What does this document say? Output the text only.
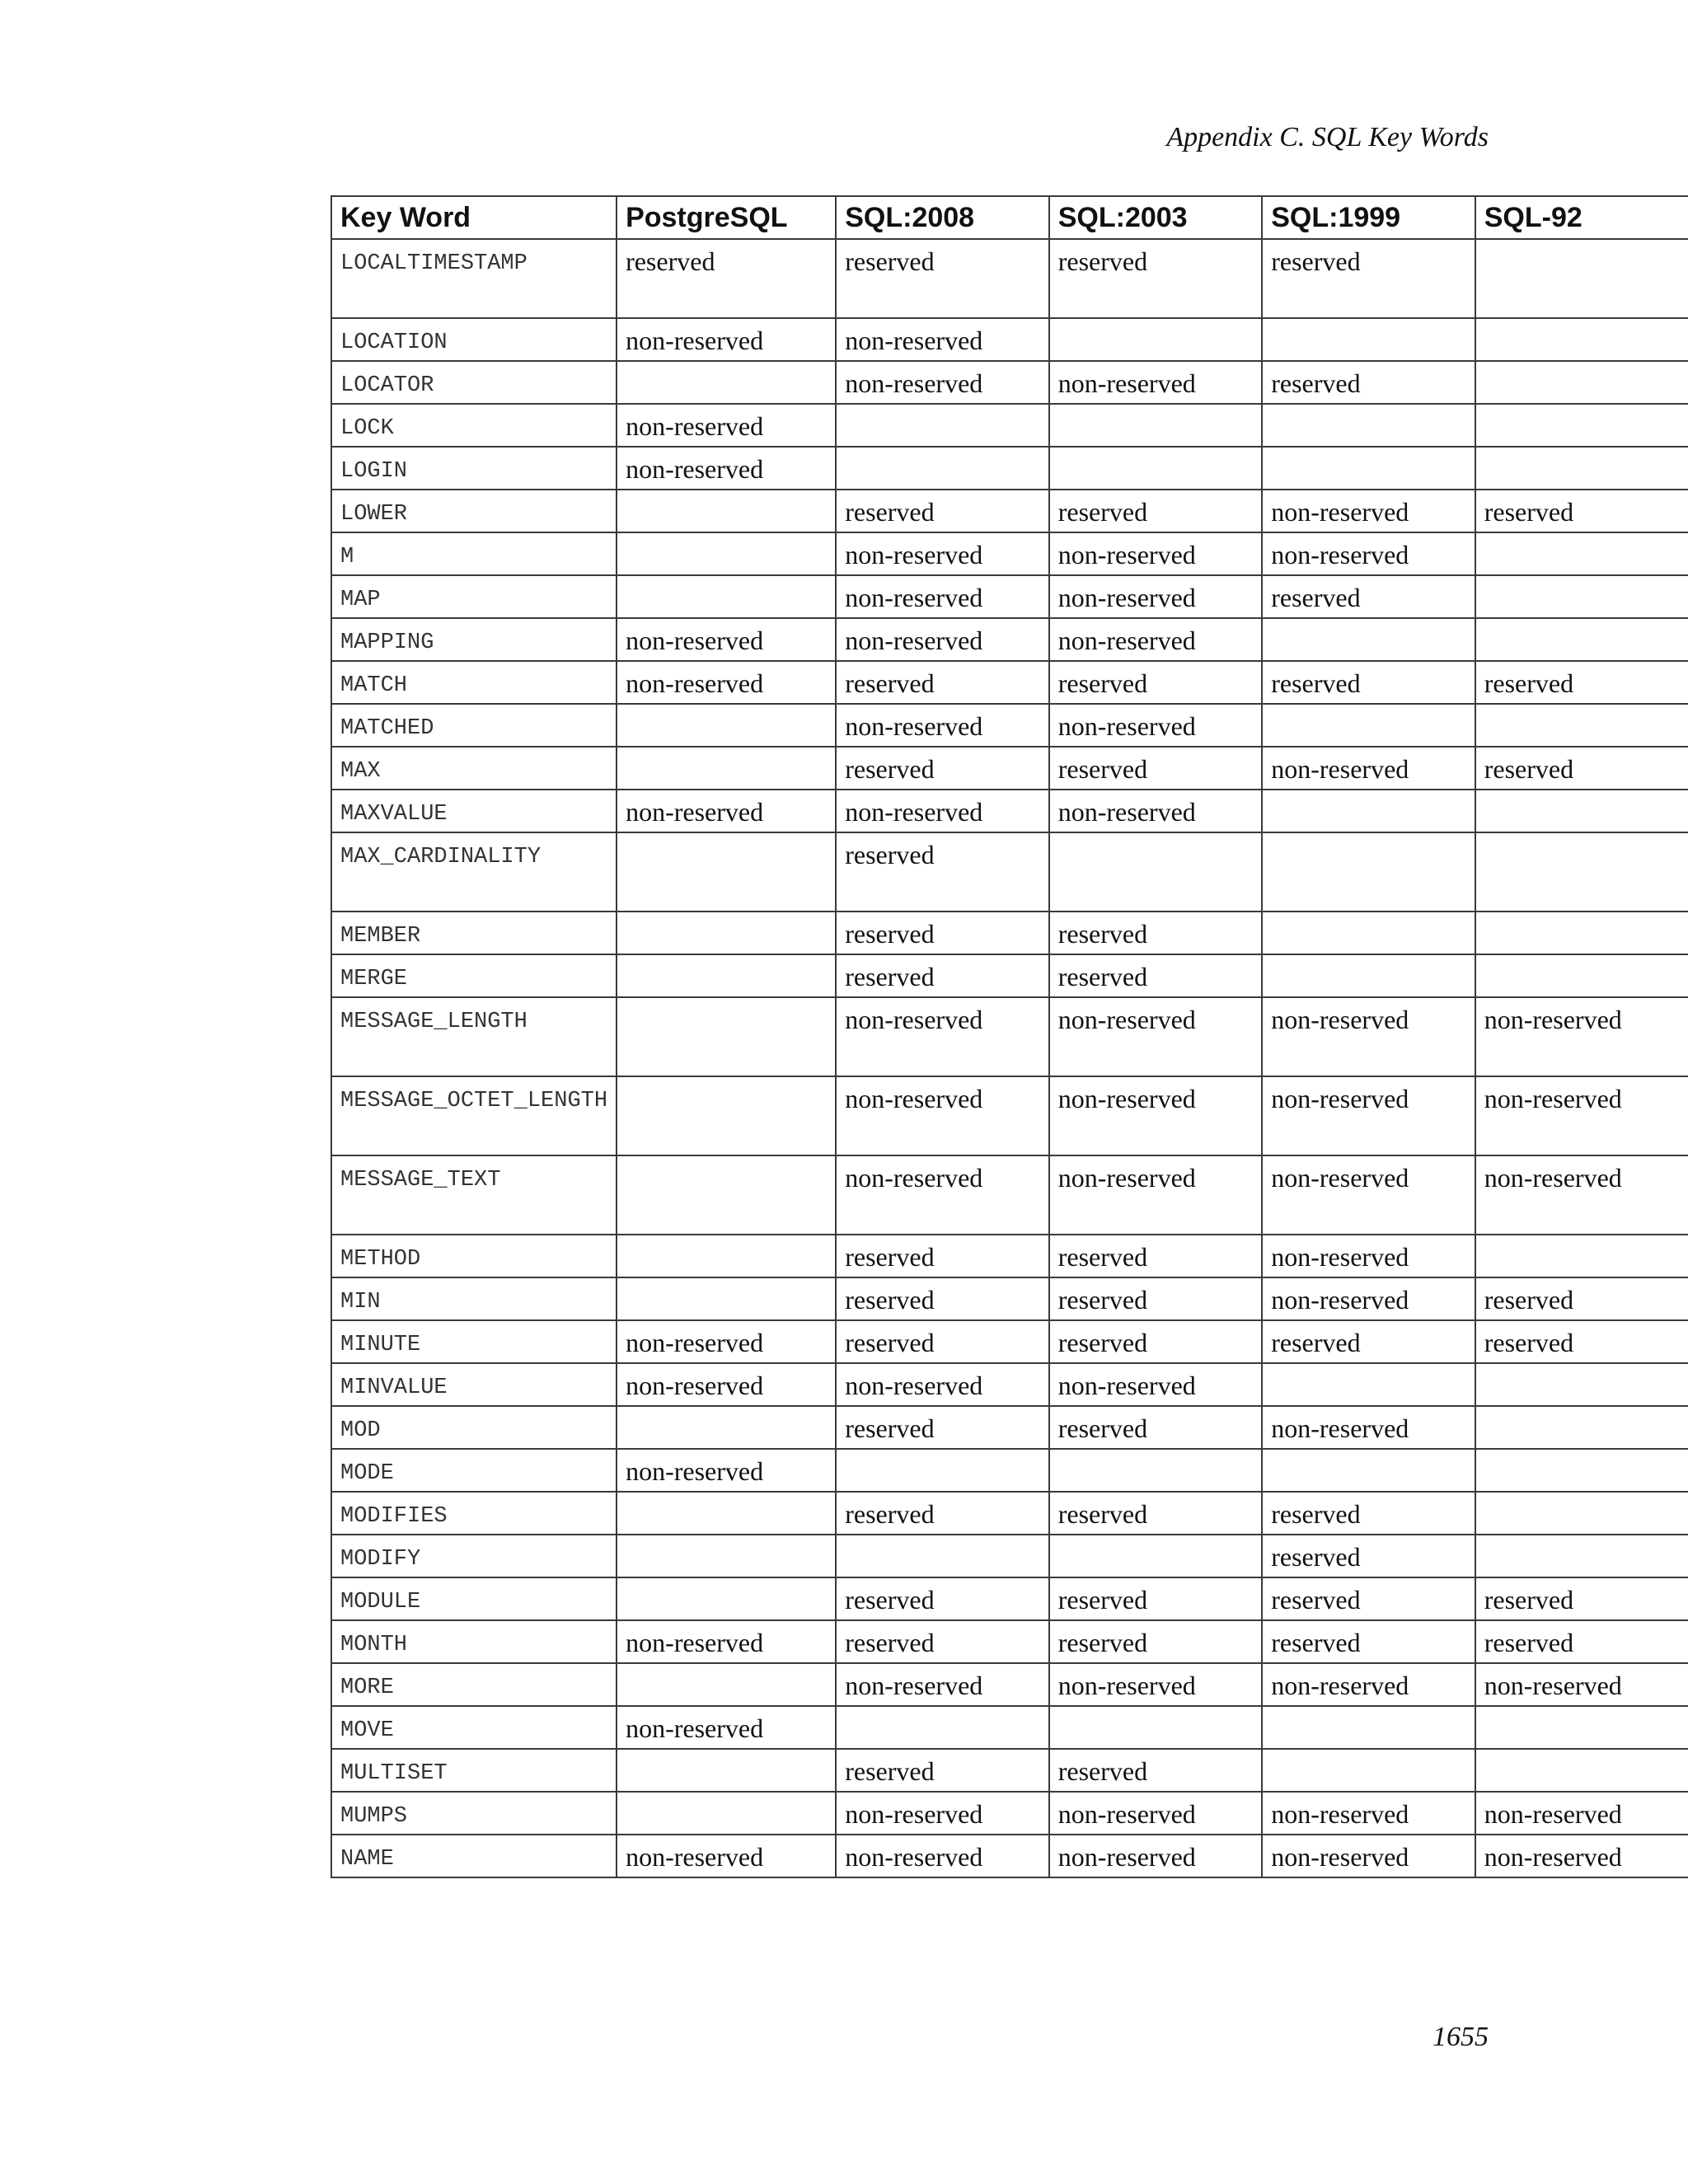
Appendix C. SQL Key Words
Key Word	PostgreSQL	SQL:2008	SQL:2003	SQL:1999	SQL-92
LOCALTIMESTAMP	reserved	reserved	reserved	reserved	
LOCATION	non-reserved	non-reserved			
LOCATOR		non-reserved	non-reserved	reserved	
LOCK	non-reserved				
LOGIN	non-reserved				
LOWER		reserved	reserved	non-reserved	reserved
M		non-reserved	non-reserved	non-reserved	
MAP		non-reserved	non-reserved	reserved	
MAPPING	non-reserved	non-reserved	non-reserved		
MATCH	non-reserved	reserved	reserved	reserved	reserved
MATCHED		non-reserved	non-reserved		
MAX		reserved	reserved	non-reserved	reserved
MAXVALUE	non-reserved	non-reserved	non-reserved		
MAX_CARDINALITY		reserved			
MEMBER		reserved	reserved		
MERGE		reserved	reserved		
MESSAGE_LENGTH		non-reserved	non-reserved	non-reserved	non-reserved
MESSAGE_OCTET_LENGTH		non-reserved	non-reserved	non-reserved	non-reserved
MESSAGE_TEXT		non-reserved	non-reserved	non-reserved	non-reserved
METHOD		reserved	reserved	non-reserved	
MIN		reserved	reserved	non-reserved	reserved
MINUTE	non-reserved	reserved	reserved	reserved	reserved
MINVALUE	non-reserved	non-reserved	non-reserved		
MOD		reserved	reserved	non-reserved	
MODE	non-reserved				
MODIFIES		reserved	reserved	reserved	
MODIFY				reserved	
MODULE		reserved	reserved	reserved	reserved
MONTH	non-reserved	reserved	reserved	reserved	reserved
MORE		non-reserved	non-reserved	non-reserved	non-reserved
MOVE	non-reserved				
MULTISET		reserved	reserved		
MUMPS		non-reserved	non-reserved	non-reserved	non-reserved
NAME	non-reserved	non-reserved	non-reserved	non-reserved	non-reserved
1655
